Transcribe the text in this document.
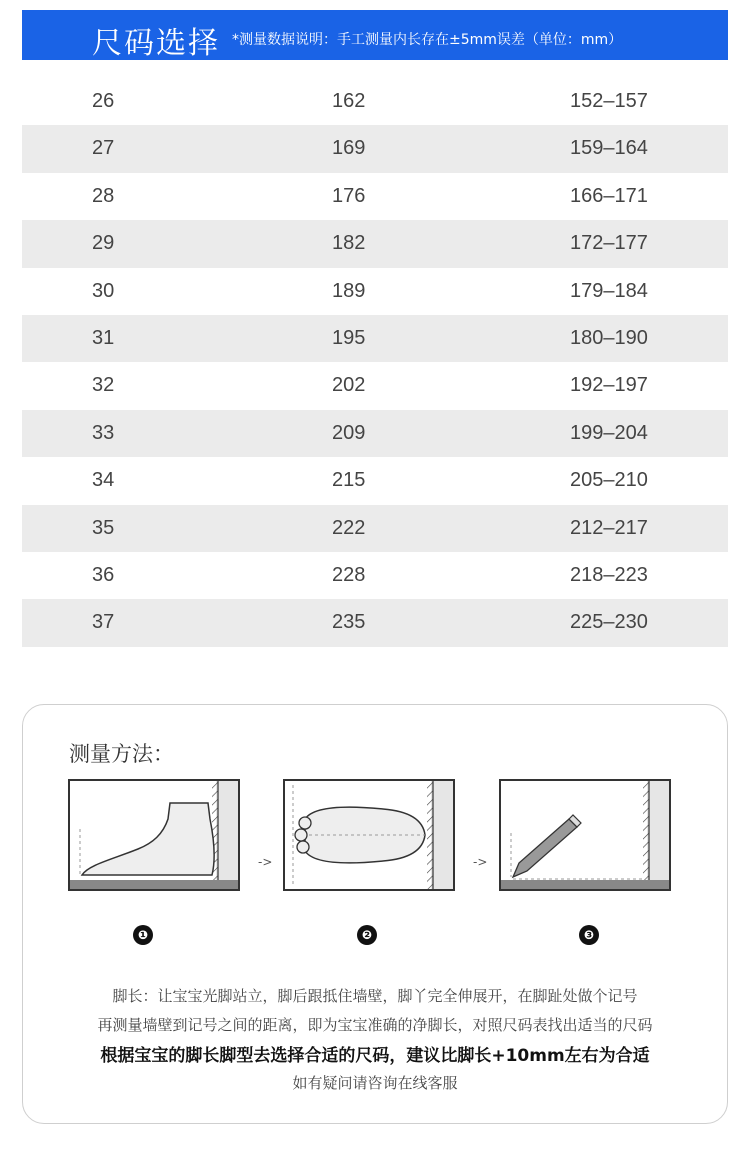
尺码选择 *测量数据说明：手工测量内长存在±5mm误差（单位：mm）
26	162	152–157
27	169	159–164
28	176	166–171
29	182	172–177
30	189	179–184
31	195	180–190
32	202	192–197
33	209	199–204
34	215	205–210
35	222	212–217
36	228	218–223
37	235	225–230
测量方法：
->	->
❶	❷	❸
脚长：让宝宝光脚站立，脚后跟抵住墙壁，脚丫完全伸展开，在脚趾处做个记号
再测量墙壁到记号之间的距离，即为宝宝准确的净脚长，对照尺码表找出适当的尺码
根据宝宝的脚长脚型去选择合适的尺码，建议比脚长+10mm左右为合适
如有疑问请咨询在线客服
